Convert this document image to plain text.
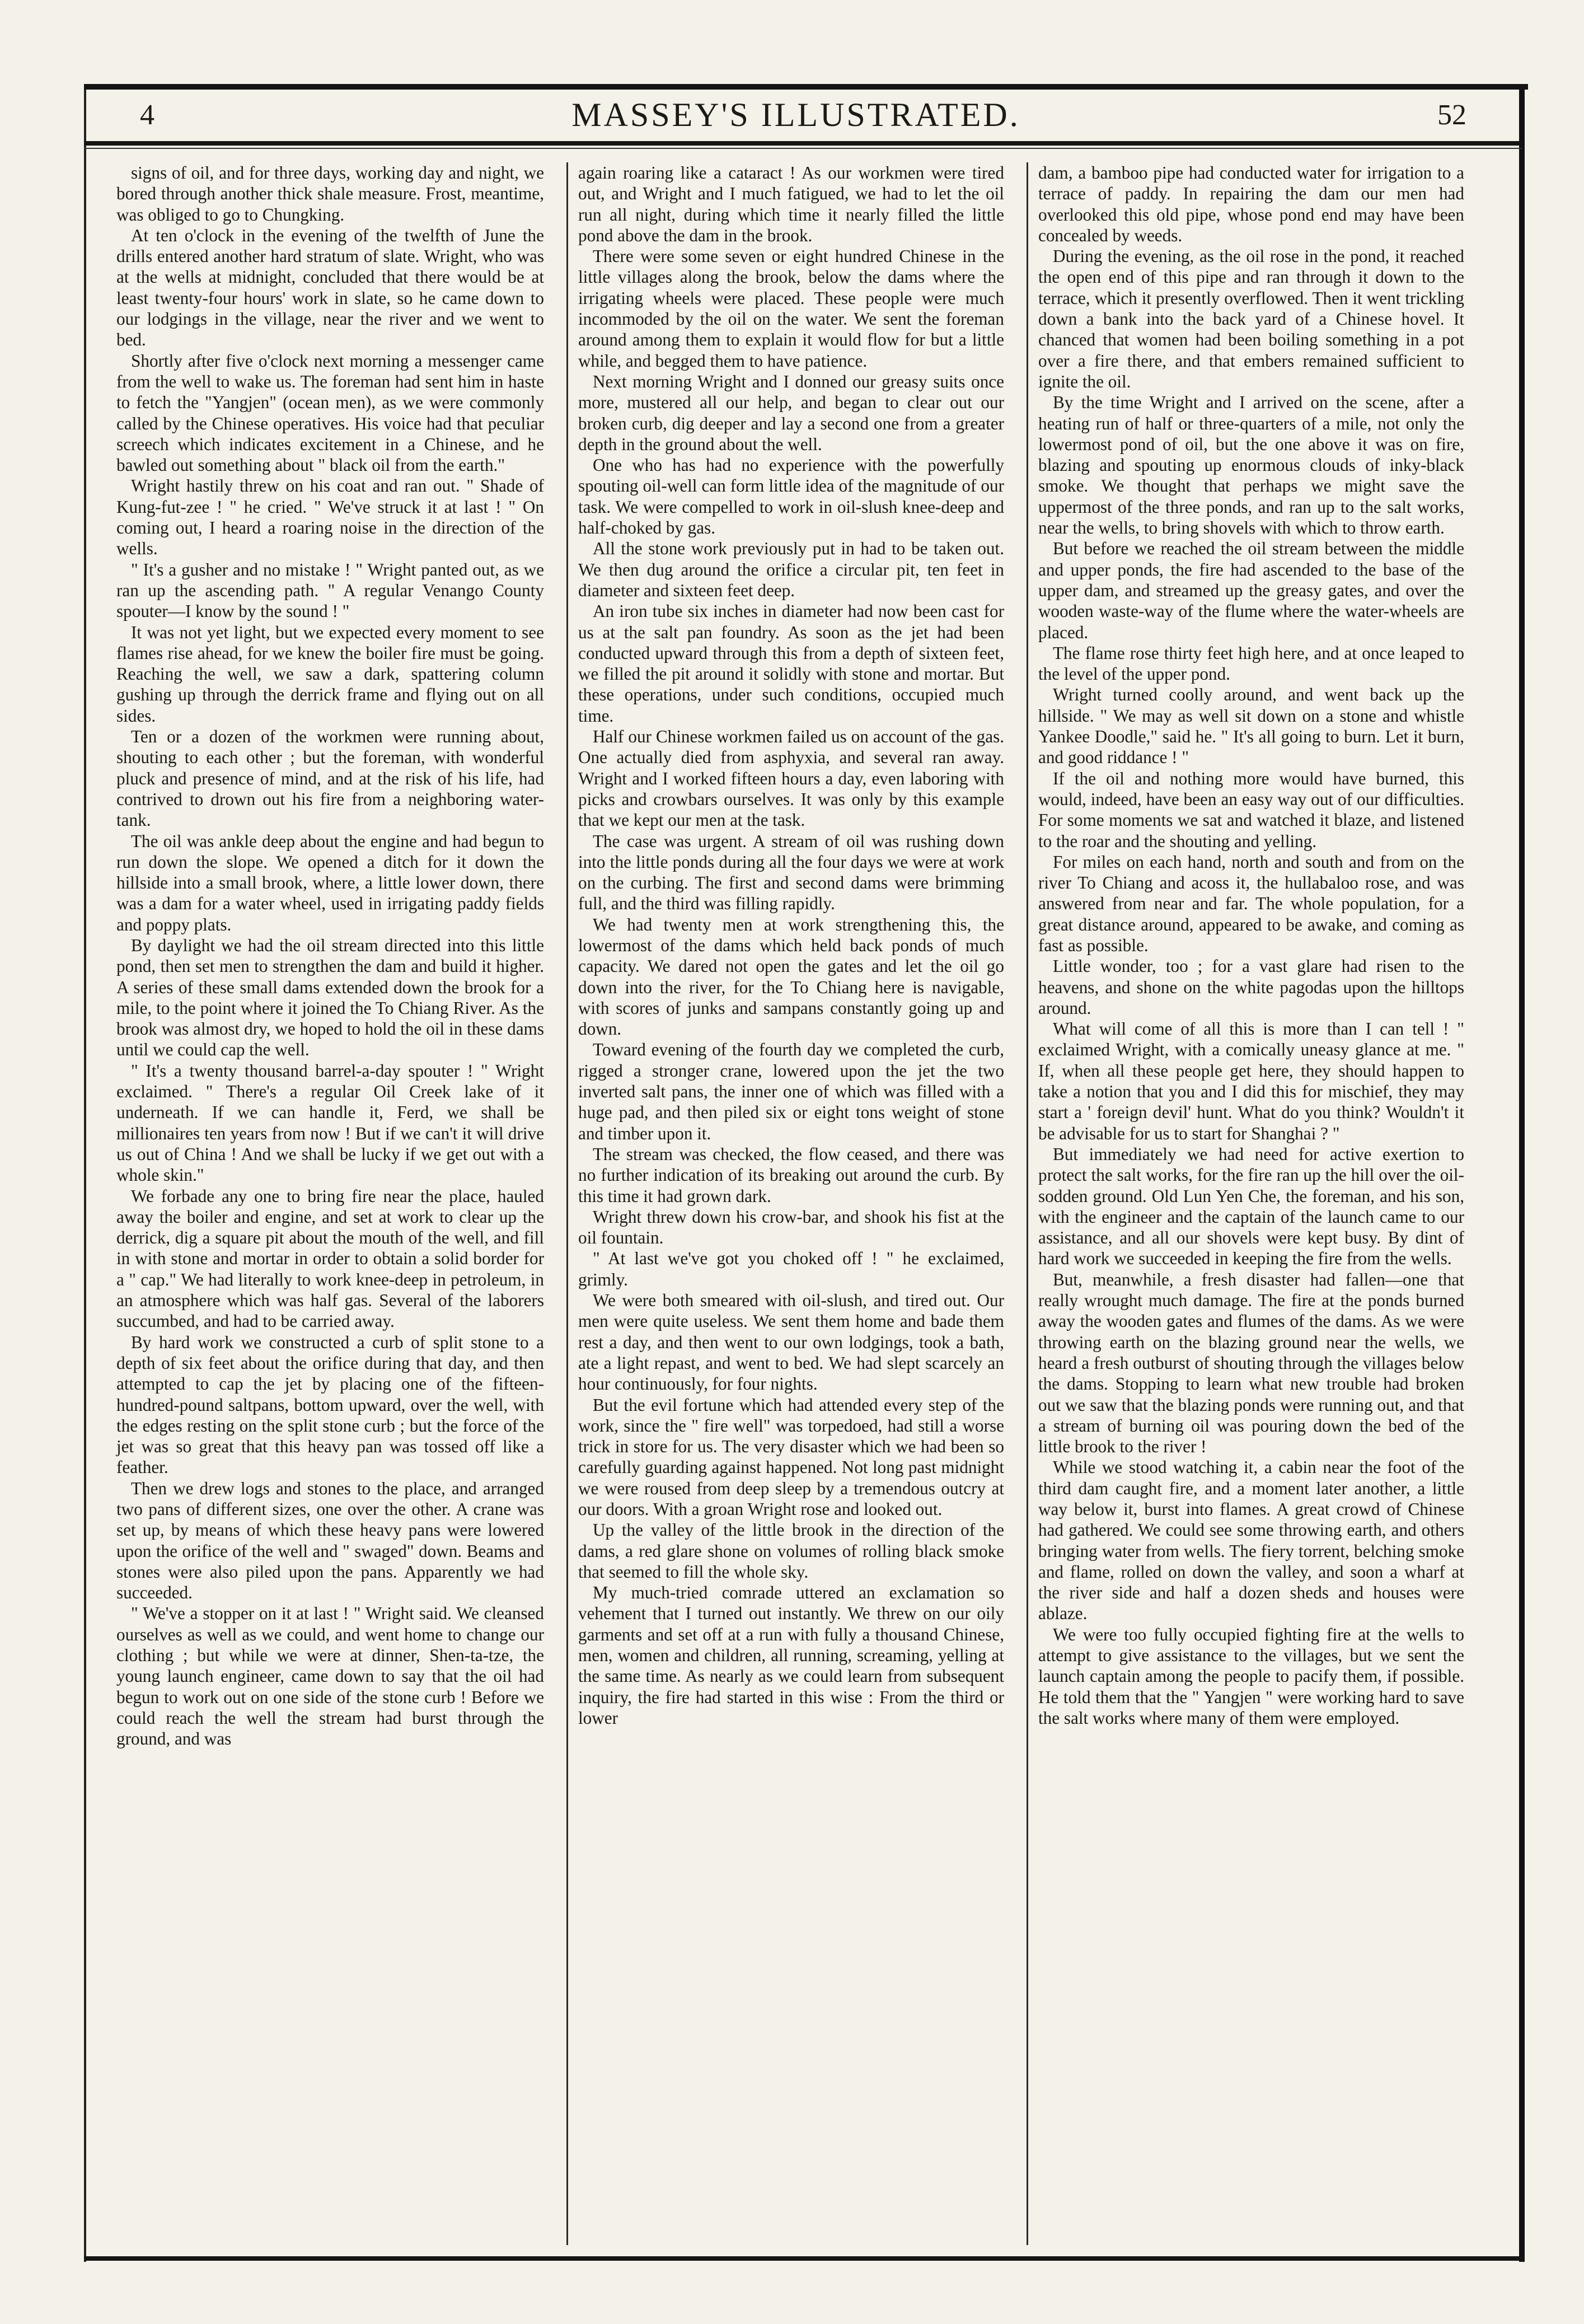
4	MASSEY'S ILLUSTRATED.	52

signs of oil, and for three days, working day and night, we bored through another thick shale measure. Frost, meantime, was obliged to go to Chungking.

At ten o'clock in the evening of the twelfth of June the drills entered another hard stratum of slate. Wright, who was at the wells at midnight, concluded that there would be at least twenty-four hours' work in slate, so he came down to our lodgings in the village, near the river and we went to bed.

Shortly after five o'clock next morning a messenger came from the well to wake us. The foreman had sent him in haste to fetch the "Yangjen" (ocean men), as we were commonly called by the Chinese operatives. His voice had that peculiar screech which indicates excitement in a Chinese, and he bawled out something about " black oil from the earth."

Wright hastily threw on his coat and ran out. " Shade of Kung-fut-zee ! " he cried. " We've struck it at last ! " On coming out, I heard a roaring noise in the direction of the wells.

" It's a gusher and no mistake ! " Wright panted out, as we ran up the ascending path. " A regular Venango County spouter—I know by the sound ! "

It was not yet light, but we expected every moment to see flames rise ahead, for we knew the boiler fire must be going. Reaching the well, we saw a dark, spattering column gushing up through the derrick frame and flying out on all sides.

Ten or a dozen of the workmen were running about, shouting to each other ; but the foreman, with wonderful pluck and presence of mind, and at the risk of his life, had contrived to drown out his fire from a neighboring water-tank.

The oil was ankle deep about the engine and had begun to run down the slope. We opened a ditch for it down the hillside into a small brook, where, a little lower down, there was a dam for a water wheel, used in irrigating paddy fields and poppy plats.

By daylight we had the oil stream directed into this little pond, then set men to strengthen the dam and build it higher. A series of these small dams extended down the brook for a mile, to the point where it joined the To Chiang River. As the brook was almost dry, we hoped to hold the oil in these dams until we could cap the well.

" It's a twenty thousand barrel-a-day spouter ! " Wright exclaimed. " There's a regular Oil Creek lake of it underneath. If we can handle it, Ferd, we shall be millionaires ten years from now ! But if we can't it will drive us out of China ! And we shall be lucky if we get out with a whole skin."

We forbade any one to bring fire near the place, hauled away the boiler and engine, and set at work to clear up the derrick, dig a square pit about the mouth of the well, and fill in with stone and mortar in order to obtain a solid border for a " cap." We had literally to work knee-deep in petroleum, in an atmosphere which was half gas. Several of the laborers succumbed, and had to be carried away.

By hard work we constructed a curb of split stone to a depth of six feet about the orifice during that day, and then attempted to cap the jet by placing one of the fifteen-hundred-pound saltpans, bottom upward, over the well, with the edges resting on the split stone curb ; but the force of the jet was so great that this heavy pan was tossed off like a feather.

Then we drew logs and stones to the place, and arranged two pans of different sizes, one over the other. A crane was set up, by means of which these heavy pans were lowered upon the orifice of the well and " swaged" down. Beams and stones were also piled upon the pans. Apparently we had succeeded.

" We've a stopper on it at last ! " Wright said. We cleansed ourselves as well as we could, and went home to change our clothing ; but while we were at dinner, Shen-ta-tze, the young launch engineer, came down to say that the oil had begun to work out on one side of the stone curb ! Before we could reach the well the stream had burst through the ground, and was

again roaring like a cataract ! As our workmen were tired out, and Wright and I much fatigued, we had to let the oil run all night, during which time it nearly filled the little pond above the dam in the brook.

There were some seven or eight hundred Chinese in the little villages along the brook, below the dams where the irrigating wheels were placed. These people were much incommoded by the oil on the water. We sent the foreman around among them to explain it would flow for but a little while, and begged them to have patience.

Next morning Wright and I donned our greasy suits once more, mustered all our help, and began to clear out our broken curb, dig deeper and lay a second one from a greater depth in the ground about the well.

One who has had no experience with the powerfully spouting oil-well can form little idea of the magnitude of our task. We were compelled to work in oil-slush knee-deep and half-choked by gas.

All the stone work previously put in had to be taken out. We then dug around the orifice a circular pit, ten feet in diameter and sixteen feet deep.

An iron tube six inches in diameter had now been cast for us at the salt pan foundry. As soon as the jet had been conducted upward through this from a depth of sixteen feet, we filled the pit around it solidly with stone and mortar. But these operations, under such conditions, occupied much time.

Half our Chinese workmen failed us on account of the gas. One actually died from asphyxia, and several ran away. Wright and I worked fifteen hours a day, even laboring with picks and crowbars ourselves. It was only by this example that we kept our men at the task.

The case was urgent. A stream of oil was rushing down into the little ponds during all the four days we were at work on the curbing. The first and second dams were brimming full, and the third was filling rapidly.

We had twenty men at work strengthening this, the lowermost of the dams which held back ponds of much capacity. We dared not open the gates and let the oil go down into the river, for the To Chiang here is navigable, with scores of junks and sampans constantly going up and down.

Toward evening of the fourth day we completed the curb, rigged a stronger crane, lowered upon the jet the two inverted salt pans, the inner one of which was filled with a huge pad, and then piled six or eight tons weight of stone and timber upon it.

The stream was checked, the flow ceased, and there was no further indication of its breaking out around the curb. By this time it had grown dark.

Wright threw down his crow-bar, and shook his fist at the oil fountain.

" At last we've got you choked off ! " he exclaimed, grimly.

We were both smeared with oil-slush, and tired out. Our men were quite useless. We sent them home and bade them rest a day, and then went to our own lodgings, took a bath, ate a light repast, and went to bed. We had slept scarcely an hour continuously, for four nights.

But the evil fortune which had attended every step of the work, since the " fire well" was torpedoed, had still a worse trick in store for us. The very disaster which we had been so carefully guarding against happened. Not long past midnight we were roused from deep sleep by a tremendous outcry at our doors. With a groan Wright rose and looked out.

Up the valley of the little brook in the direction of the dams, a red glare shone on volumes of rolling black smoke that seemed to fill the whole sky.

My much-tried comrade uttered an exclamation so vehement that I turned out instantly. We threw on our oily garments and set off at a run with fully a thousand Chinese, men, women and children, all running, screaming, yelling at the same time. As nearly as we could learn from subsequent inquiry, the fire had started in this wise : From the third or lower

dam, a bamboo pipe had conducted water for irrigation to a terrace of paddy. In repairing the dam our men had overlooked this old pipe, whose pond end may have been concealed by weeds.

During the evening, as the oil rose in the pond, it reached the open end of this pipe and ran through it down to the terrace, which it presently overflowed. Then it went trickling down a bank into the back yard of a Chinese hovel. It chanced that women had been boiling something in a pot over a fire there, and that embers remained sufficient to ignite the oil.

By the time Wright and I arrived on the scene, after a heating run of half or three-quarters of a mile, not only the lowermost pond of oil, but the one above it was on fire, blazing and spouting up enormous clouds of inky-black smoke. We thought that perhaps we might save the uppermost of the three ponds, and ran up to the salt works, near the wells, to bring shovels with which to throw earth.

But before we reached the oil stream between the middle and upper ponds, the fire had ascended to the base of the upper dam, and streamed up the greasy gates, and over the wooden waste-way of the flume where the water-wheels are placed.

The flame rose thirty feet high here, and at once leaped to the level of the upper pond.

Wright turned coolly around, and went back up the hillside. " We may as well sit down on a stone and whistle Yankee Doodle," said he. " It's all going to burn. Let it burn, and good riddance ! "

If the oil and nothing more would have burned, this would, indeed, have been an easy way out of our difficulties. For some moments we sat and watched it blaze, and listened to the roar and the shouting and yelling.

For miles on each hand, north and south and from on the river To Chiang and acoss it, the hullabaloo rose, and was answered from near and far. The whole population, for a great distance around, appeared to be awake, and coming as fast as possible.

Little wonder, too ; for a vast glare had risen to the heavens, and shone on the white pagodas upon the hilltops around.

What will come of all this is more than I can tell ! " exclaimed Wright, with a comically uneasy glance at me. " If, when all these people get here, they should happen to take a notion that you and I did this for mischief, they may start a ' foreign devil' hunt. What do you think? Wouldn't it be advisable for us to start for Shanghai ? "

But immediately we had need for active exertion to protect the salt works, for the fire ran up the hill over the oil-sodden ground. Old Lun Yen Che, the foreman, and his son, with the engineer and the captain of the launch came to our assistance, and all our shovels were kept busy. By dint of hard work we succeeded in keeping the fire from the wells.

But, meanwhile, a fresh disaster had fallen—one that really wrought much damage. The fire at the ponds burned away the wooden gates and flumes of the dams. As we were throwing earth on the blazing ground near the wells, we heard a fresh outburst of shouting through the villages below the dams. Stopping to learn what new trouble had broken out we saw that the blazing ponds were running out, and that a stream of burning oil was pouring down the bed of the little brook to the river !

While we stood watching it, a cabin near the foot of the third dam caught fire, and a moment later another, a little way below it, burst into flames. A great crowd of Chinese had gathered. We could see some throwing earth, and others bringing water from wells. The fiery torrent, belching smoke and flame, rolled on down the valley, and soon a wharf at the river side and half a dozen sheds and houses were ablaze.

We were too fully occupied fighting fire at the wells to attempt to give assistance to the villages, but we sent the launch captain among the people to pacify them, if possible. He told them that the " Yangjen " were working hard to save the salt works where many of them were employed.
